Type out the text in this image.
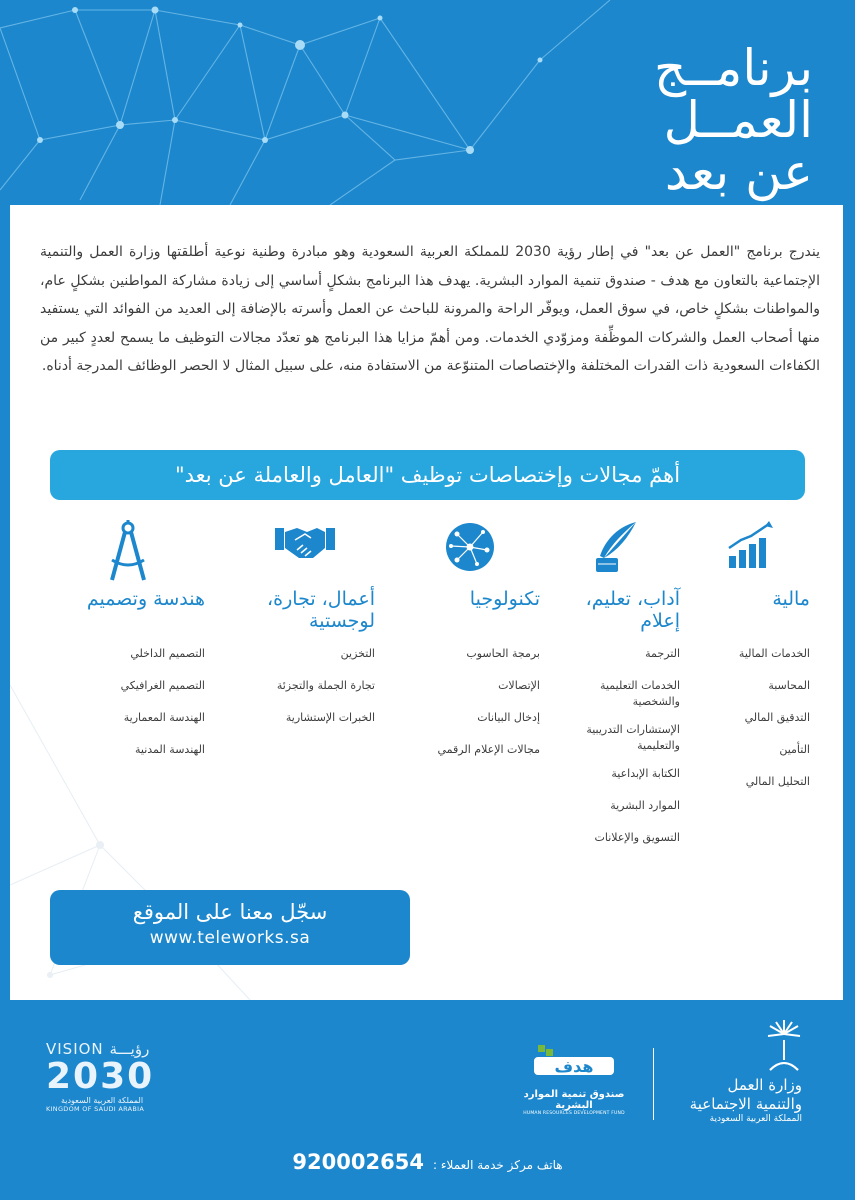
برنامــج
العمــل
عن بعد
يندرج برنامج "العمل عن بعد" في إطار رؤية 2030 للمملكة العربية السعودية وهو مبادرة وطنية نوعية أطلقتها وزارة العمل والتنمية الإجتماعية بالتعاون مع هدف - صندوق تنمية الموارد البشرية. يهدف هذا البرنامج بشكلٍ أساسي إلى زيادة مشاركة المواطنين بشكلٍ عام، والمواطنات بشكلٍ خاص، في سوق العمل، ويوفّر الراحة والمرونة للباحث عن العمل وأسرته بالإضافة إلى العديد من الفوائد التي يستفيد منها أصحاب العمل والشركات الموظِّفة ومزوّدي الخدمات. ومن أهمّ مزايا هذا البرنامج هو تعدّد مجالات التوظيف ما يسمح لعددٍ كبير من الكفاءات السعودية ذات القدرات المختلفة والإختصاصات المتنوّعة من الاستفادة منه، على سبيل المثال لا الحصر الوظائف المدرجة أدناه.
أهمّ مجالات وإختصاصات توظيف "العامل والعاملة عن بعد"
مالية
الخدمات المالية
المحاسبة
التدقيق المالي
التأمين
التحليل المالي
آداب، تعليم، إعلام
الترجمة
الخدمات التعليمية والشخصية
الإستشارات التدريبية والتعليمية
الكتابة الإبداعية
الموارد البشرية
التسويق والإعلانات
تكنولوجيا
برمجة الحاسوب
الإتصالات
إدخال البيانات
مجالات الإعلام الرقمي
أعمال، تجارة، لوجستية
التخزين
تجارة الجملة والتجزئة
الخبرات الإستشارية
هندسة وتصميم
التصميم الداخلي
التصميم الغرافيكي
الهندسة المعمارية
الهندسة المدنية
سجّل معنا على الموقع
www.teleworks.sa
VISION رؤيـــة
2030
المملكة العربية السعودية
KINGDOM OF SAUDI ARABIA
هدف
صندوق تنمية الموارد البشرية
HUMAN RESOURCES DEVELOPMENT FUND
وزارة العمل
والتنمية الاجتماعية
المملكة العربية السعودية
هاتف مركز خدمة العملاء : 920002654
